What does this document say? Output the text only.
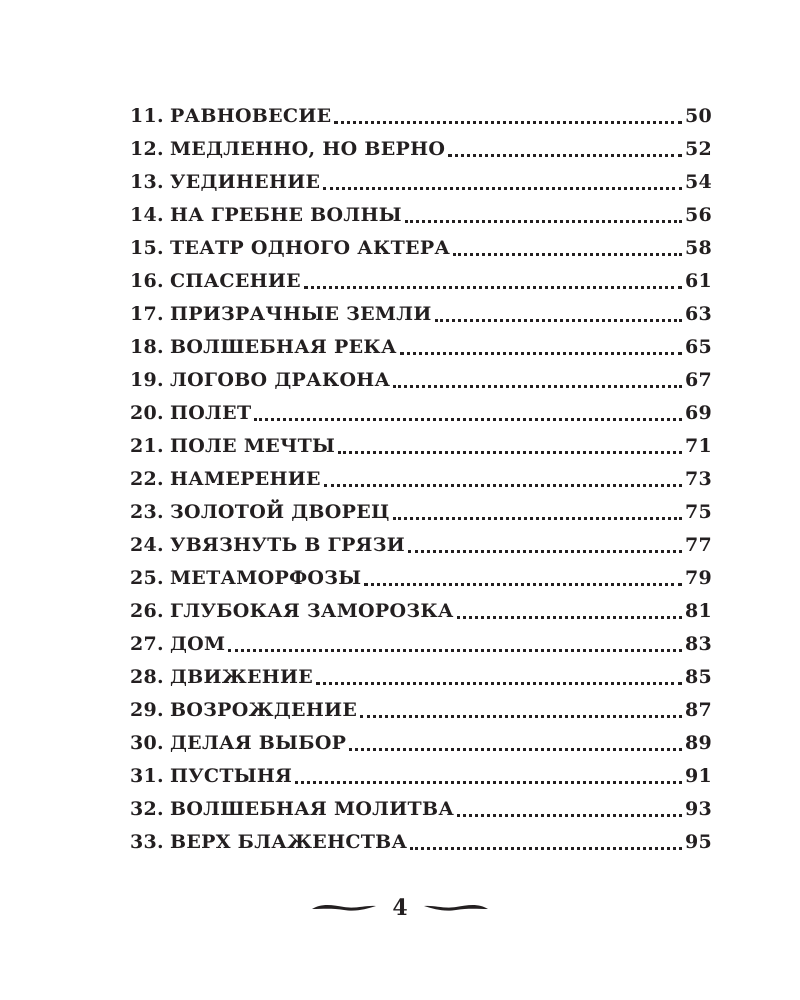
11. РАВНОВЕСИЕ	50
12. МЕДЛЕННО, НО ВЕРНО	52
13. УЕДИНЕНИЕ	54
14. НА ГРЕБНЕ ВОЛНЫ	56
15. ТЕАТР ОДНОГО АКТЕРА	58
16. СПАСЕНИЕ	61
17. ПРИЗРАЧНЫЕ ЗЕМЛИ	63
18. ВОЛШЕБНАЯ РЕКА	65
19. ЛОГОВО ДРАКОНА	67
20. ПОЛЕТ	69
21. ПОЛЕ МЕЧТЫ	71
22. НАМЕРЕНИЕ	73
23. ЗОЛОТОЙ ДВОРЕЦ	75
24. УВЯЗНУТЬ В ГРЯЗИ	77
25. МЕТАМОРФОЗЫ	79
26. ГЛУБОКАЯ ЗАМОРОЗКА	81
27. ДОМ	83
28. ДВИЖЕНИЕ	85
29. ВОЗРОЖДЕНИЕ	87
30. ДЕЛАЯ ВЫБОР	89
31. ПУСТЫНЯ	91
32. ВОЛШЕБНАЯ МОЛИТВА	93
33. ВЕРХ БЛАЖЕНСТВА	95
4
